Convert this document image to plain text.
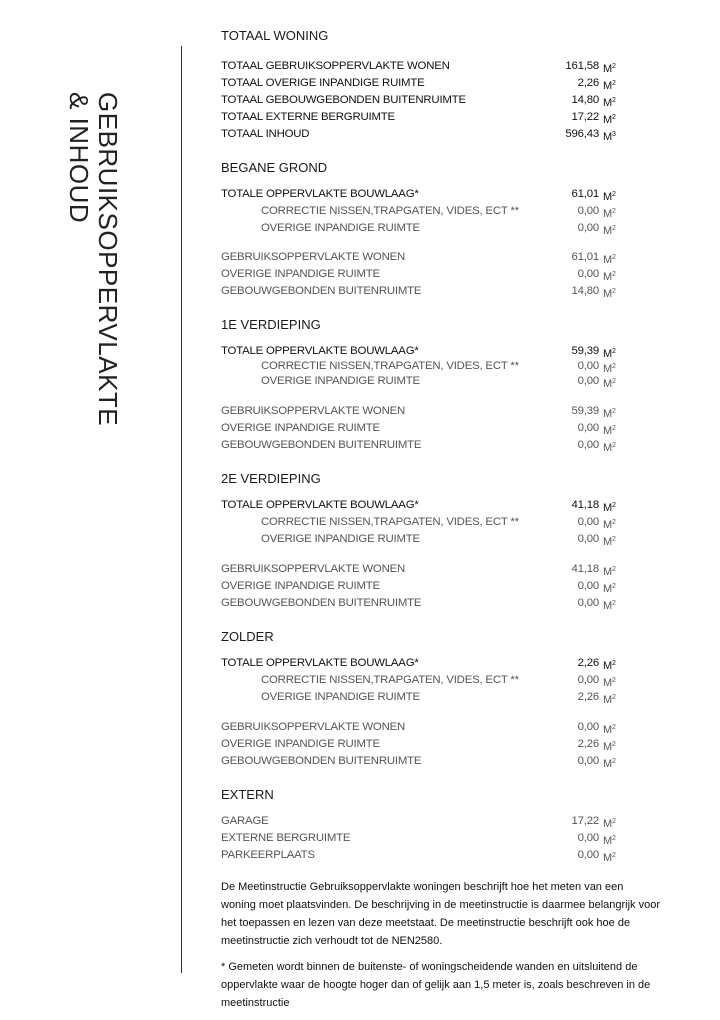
GEBRUIKSOPPERVLAKTE
& INHOUD
TOTAAL WONING
TOTAAL GEBRUIKSOPPERVLAKTE WONEN	161,58 $M^2$
TOTAAL OVERIGE INPANDIGE RUIMTE	2,26 $M^2$
TOTAAL GEBOUWGEBONDEN BUITENRUIMTE	14,80 $M^2$
TOTAAL EXTERNE BERGRUIMTE	17,22 $M^2$
TOTAAL INHOUD	596,43 $M^3$
BEGANE GROND
TOTALE OPPERVLAKTE BOUWLAAG*	61,01 $M^2$
CORRECTIE NISSEN,TRAPGATEN, VIDES, ECT **	0,00 $M^2$
OVERIGE INPANDIGE RUIMTE	0,00 $M^2$
GEBRUIKSOPPERVLAKTE WONEN	61,01 $M^2$
OVERIGE INPANDIGE RUIMTE	0,00 $M^2$
GEBOUWGEBONDEN BUITENRUIMTE	14,80 $M^2$
1E VERDIEPING
TOTALE OPPERVLAKTE BOUWLAAG*	59,39 $M^2$
CORRECTIE NISSEN,TRAPGATEN, VIDES, ECT **	0,00 $M^2$
OVERIGE INPANDIGE RUIMTE	0,00 $M^2$
GEBRUIKSOPPERVLAKTE WONEN	59,39 $M^2$
OVERIGE INPANDIGE RUIMTE	0,00 $M^2$
GEBOUWGEBONDEN BUITENRUIMTE	0,00 $M^2$
2E VERDIEPING
TOTALE OPPERVLAKTE BOUWLAAG*	41,18 $M^2$
CORRECTIE NISSEN,TRAPGATEN, VIDES, ECT **	0,00 $M^2$
OVERIGE INPANDIGE RUIMTE	0,00 $M^2$
GEBRUIKSOPPERVLAKTE WONEN	41,18 $M^2$
OVERIGE INPANDIGE RUIMTE	0,00 $M^2$
GEBOUWGEBONDEN BUITENRUIMTE	0,00 $M^2$
ZOLDER
TOTALE OPPERVLAKTE BOUWLAAG*	2,26 $M^2$
CORRECTIE NISSEN,TRAPGATEN, VIDES, ECT **	0,00 $M^2$
OVERIGE INPANDIGE RUIMTE	2,26 $M^2$
GEBRUIKSOPPERVLAKTE WONEN	0,00 $M^2$
OVERIGE INPANDIGE RUIMTE	2,26 $M^2$
GEBOUWGEBONDEN BUITENRUIMTE	0,00 $M^2$
EXTERN
GARAGE	17,22 $M^2$
EXTERNE BERGRUIMTE	0,00 $M^2$
PARKEERPLAATS	0,00 $M^2$

De Meetinstructie Gebruiksoppervlakte woningen beschrijft hoe het meten van een woning moet plaatsvinden. De beschrijving in de meetinstructie is daarmee belangrijk voor het toepassen en lezen van deze meetstaat. De meetinstructie beschrijft ook hoe de meetinstructie zich verhoudt tot de NEN2580.

* Gemeten wordt binnen de buitenste- of woningscheidende wanden en uitsluitend de oppervlakte waar de hoogte hoger dan of gelijk aan 1,5 meter is, zoals beschreven in de meetinstructie
